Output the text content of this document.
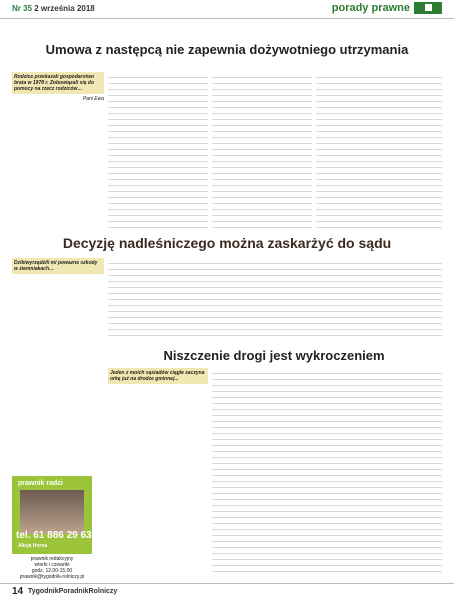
Nr 35 2 września 2018	porady prawne
Umowa z następcą nie zapewnia dożywotniego utrzymania
Rodzice przekazali gospodarstwo brata w 1978 r. Zobowiązali się do pomocy na rzecz rodziców…
Pani Ewa
Decyzję nadleśniczego można zaskarżyć do sądu
Dzikiwyrządzili mi powazne szkody w ziemniakach…
Niszczenie drogi jest wykroczeniem
Jeden z moich sąsiadów ciągle zaczyna orkę już na drodze gminnej...
prawnik radzi
tel. 61 886 29 63
Alicja Horna
prawnik redakcyjny
wtorki i czwartki
godz. 12.00-15.00
prawnik@tygodnik-rolniczy.pl
14 TygodnikPoradnikRolniczy
